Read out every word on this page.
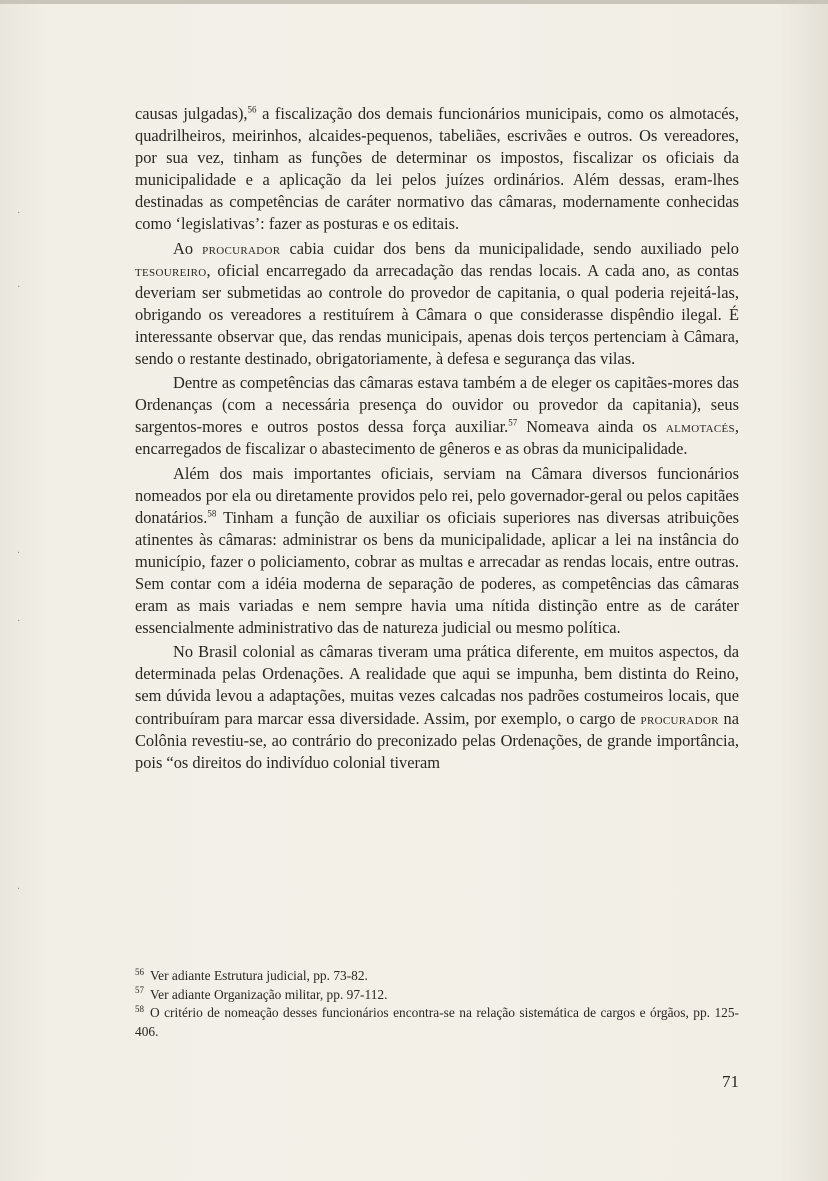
·
·
·
·
·

causas julgadas),$^{56}$ a fiscalização dos demais funcionários municipais, como os almotacés, quadrilheiros, meirinhos, alcaides-pequenos, tabeliães, escrivães e outros. Os vereadores, por sua vez, tinham as funções de determinar os impostos, fiscalizar os oficiais da municipalidade e a aplicação da lei pelos juízes ordinários. Além dessas, eram-lhes destinadas as competências de caráter normativo das câmaras, modernamente conhecidas como ‘legislativas’: fazer as posturas e os editais.

Ao procurador cabia cuidar dos bens da municipalidade, sendo auxiliado pelo tesoureiro, oficial encarregado da arrecadação das rendas locais. A cada ano, as contas deveriam ser submetidas ao controle do provedor de capitania, o qual poderia rejeitá-las, obrigando os vereadores a restituírem à Câmara o que considerasse dispêndio ilegal. É interessante observar que, das rendas municipais, apenas dois terços pertenciam à Câmara, sendo o restante destinado, obrigatoriamente, à defesa e segurança das vilas.

Dentre as competências das câmaras estava também a de eleger os capitães-mores das Ordenanças (com a necessária presença do ouvidor ou provedor da capitania), seus sargentos-mores e outros postos dessa força auxiliar.$^{57}$ Nomeava ainda os almotacés, encarregados de fiscalizar o abastecimento de gêneros e as obras da municipalidade.

Além dos mais importantes oficiais, serviam na Câmara diversos funcionários nomeados por ela ou diretamente providos pelo rei, pelo governador-geral ou pelos capitães donatários.$^{58}$ Tinham a função de auxiliar os oficiais superiores nas diversas atribuições atinentes às câmaras: administrar os bens da municipalidade, aplicar a lei na instância do município, fazer o policiamento, cobrar as multas e arrecadar as rendas locais, entre outras. Sem contar com a idéia moderna de separação de poderes, as competências das câmaras eram as mais variadas e nem sempre havia uma nítida distinção entre as de caráter essencialmente administrativo das de natureza judicial ou mesmo política.

No Brasil colonial as câmaras tiveram uma prática diferente, em muitos aspectos, da determinada pelas Ordenações. A realidade que aqui se impunha, bem distinta do Reino, sem dúvida levou a adaptações, muitas vezes calcadas nos padrões costumeiros locais, que contribuíram para marcar essa diversidade. Assim, por exemplo, o cargo de procurador na Colônia revestiu-se, ao contrário do preconizado pelas Ordenações, de grande importância, pois “os direitos do indivíduo colonial tiveram

$^{56}$ Ver adiante Estrutura judicial, pp. 73-82.

$^{57}$ Ver adiante Organização militar, pp. 97-112.

$^{58}$ O critério de nomeação desses funcionários encontra-se na relação sistemática de cargos e órgãos, pp. 125-406.

71
